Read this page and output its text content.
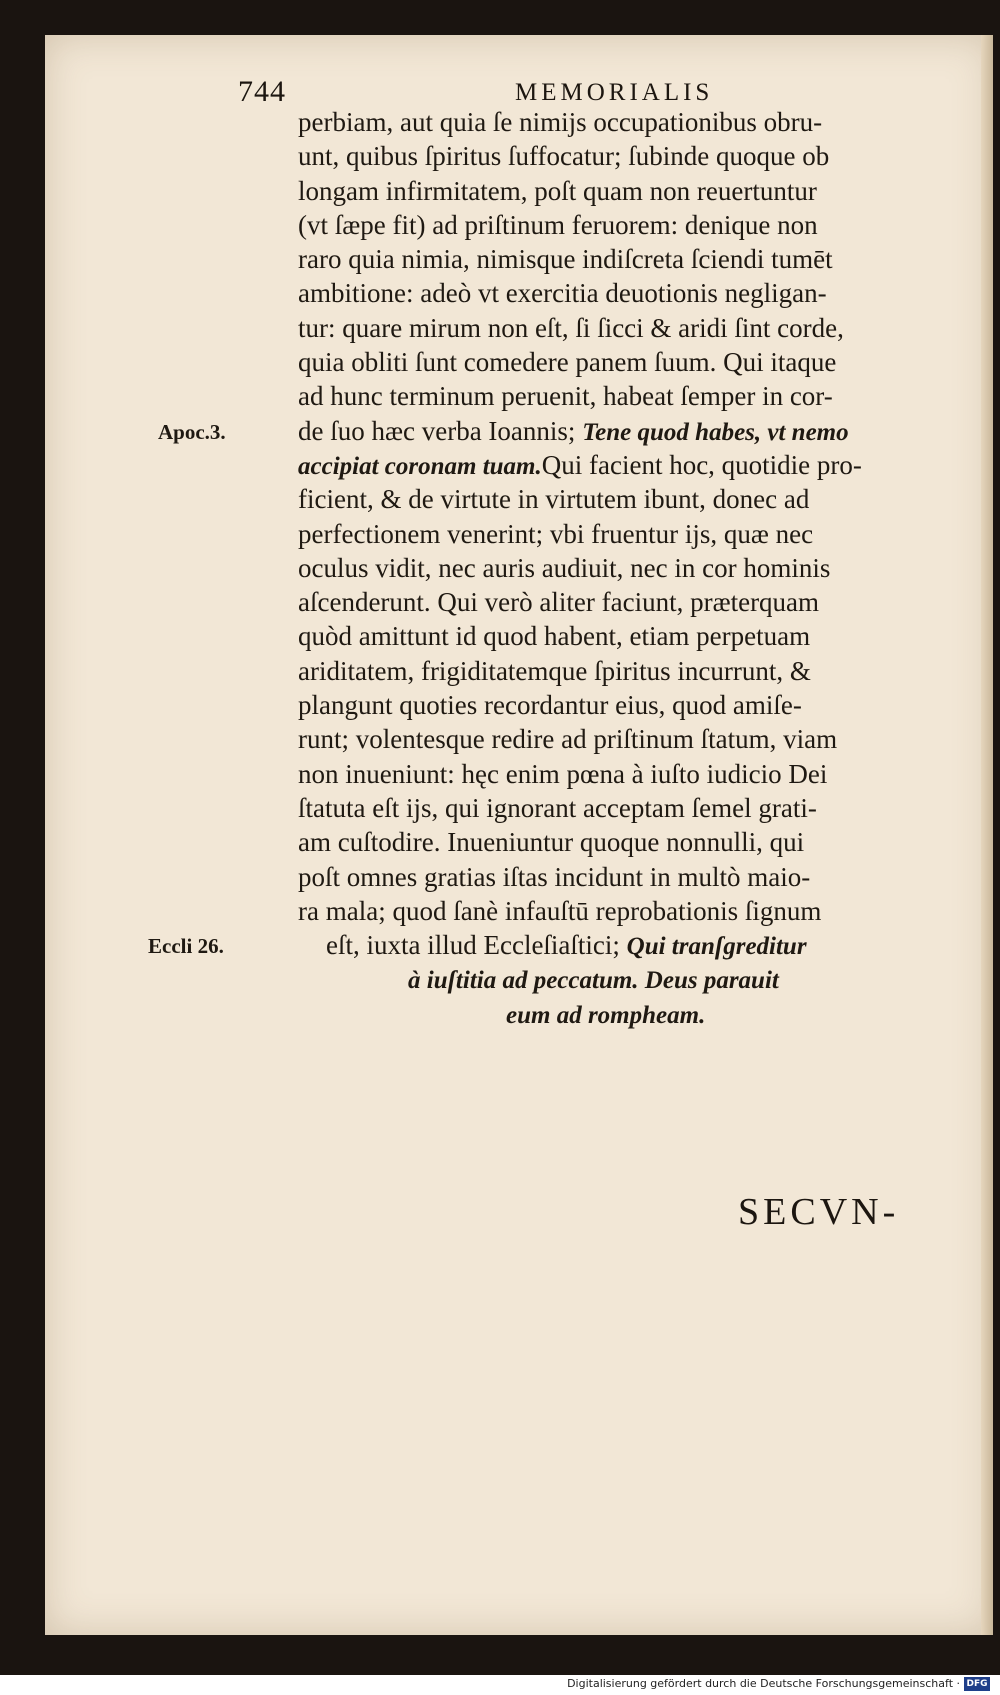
744	MEMORIALIS
perbiam, aut quia ſe nimijs occupationibus obru-
unt, quibus ſpiritus ſuffocatur; ſubinde quoque ob
longam infirmitatem, poſt quam non reuertuntur
(vt ſæpe fit) ad priſtinum feruorem: denique non
raro quia nimia, nimisque indiſcreta ſciendi tumēt
ambitione: adeò vt exercitia deuotionis negligan-
tur: quare mirum non eſt, ſi ſicci & aridi ſint corde,
quia obliti ſunt comedere panem ſuum. Qui itaque
ad hunc terminum peruenit, habeat ſemper in cor-
de ſuo hæc verba Ioannis; Tene quod habes, vt nemo
accipiat coronam tuam.Qui facient hoc, quotidie pro-
ficient, & de virtute in virtutem ibunt, donec ad
perfectionem venerint; vbi fruentur ijs, quæ nec
oculus vidit, nec auris audiuit, nec in cor hominis
aſcenderunt. Qui verò aliter faciunt, præterquam
quòd amittunt id quod habent, etiam perpetuam
ariditatem, frigiditatemque ſpiritus incurrunt, &
plangunt quoties recordantur eius, quod amiſe-
runt; volentesque redire ad priſtinum ſtatum, viam
non inueniunt: hęc enim pœna à iuſto iudicio Dei
ſtatuta eſt ijs, qui ignorant acceptam ſemel grati-
am cuſtodire. Inueniuntur quoque nonnulli, qui
poſt omnes gratias iſtas incidunt in multò maio-
ra mala; quod ſanè infauſtū reprobationis ſignum
eſt, iuxta illud Eccleſiaſtici; Qui tranſgreditur
à iuſtitia ad peccatum. Deus parauit
eum ad rompheam.
Apoc.3.
Eccli 26.
SECVN-
Digitalisierung gefördert durch die Deutsche Forschungsgemeinschaft · DFG
